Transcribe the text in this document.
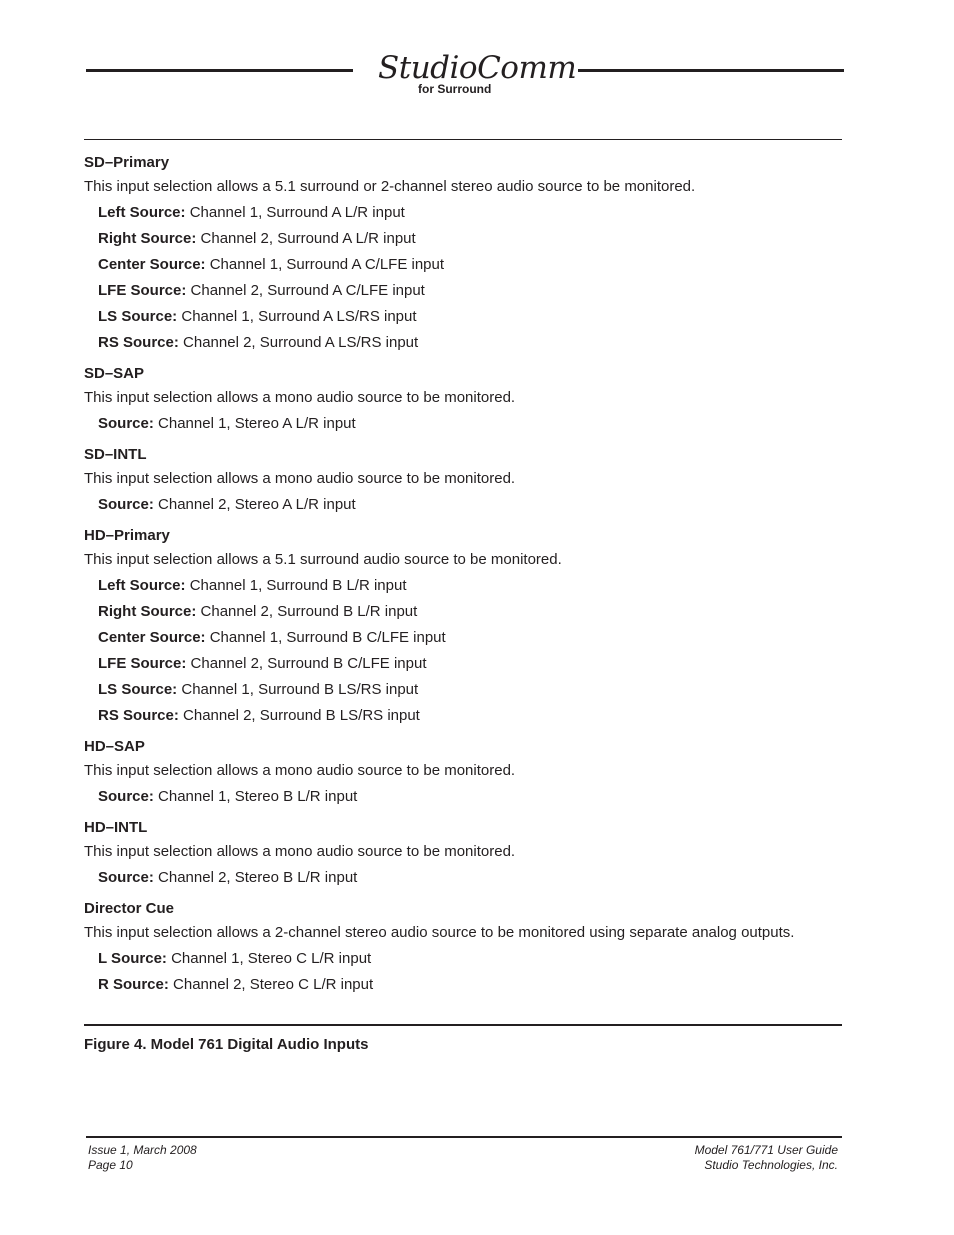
StudioComm
for Surround

SD–Primary

This input selection allows a 5.1 surround or 2-channel stereo audio source to be monitored.

Left Source: Channel 1, Surround A L/R input

Right Source: Channel 2, Surround A L/R input

Center Source: Channel 1, Surround A C/LFE input

LFE Source: Channel 2, Surround A C/LFE input

LS Source: Channel 1, Surround A LS/RS input

RS Source: Channel 2, Surround A LS/RS input

SD–SAP

This input selection allows a mono audio source to be monitored.

Source: Channel 1, Stereo A L/R input

SD–INTL

This input selection allows a mono audio source to be monitored.

Source: Channel 2, Stereo A L/R input

HD–Primary

This input selection allows a 5.1 surround audio source to be monitored.

Left Source: Channel 1, Surround B L/R input

Right Source: Channel 2, Surround B L/R input

Center Source: Channel 1, Surround B C/LFE input

LFE Source: Channel 2, Surround B C/LFE input

LS Source: Channel 1, Surround B LS/RS input

RS Source: Channel 2, Surround B LS/RS input

HD–SAP

This input selection allows a mono audio source to be monitored.

Source: Channel 1, Stereo B L/R input

HD–INTL

This input selection allows a mono audio source to be monitored.

Source: Channel 2, Stereo B L/R input

Director Cue

This input selection allows a 2-channel stereo audio source to be monitored using separate analog outputs.

L Source: Channel 1, Stereo C L/R input

R Source: Channel 2, Stereo C L/R input

Figure 4. Model 761 Digital Audio Inputs
Issue 1, March 2008
Page 10
Model 761/771 User Guide
Studio Technologies, Inc.
